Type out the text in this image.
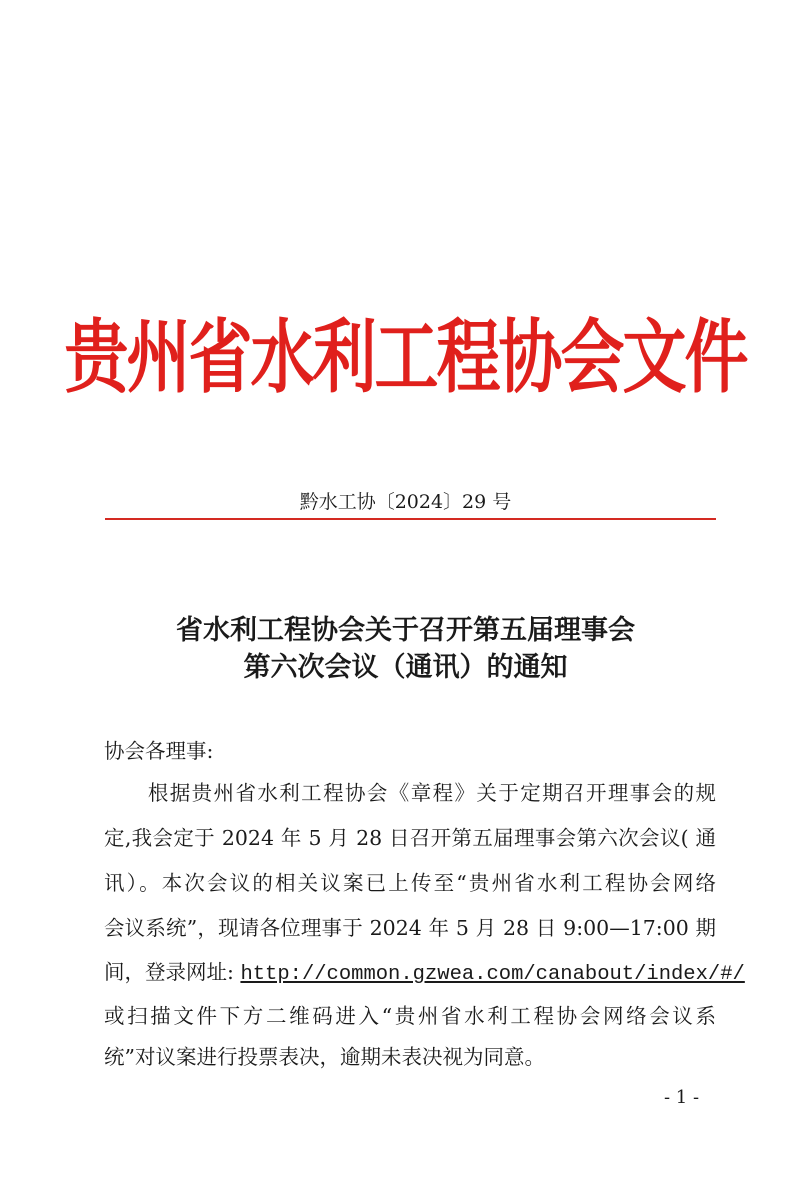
贵州省水利工程协会文件
黔水工协〔2024〕29 号
省水利工程协会关于召开第五届理事会
第六次会议（通讯）的通知
协会各理事:
　　根据贵州省水利工程协会《章程》关于定期召开理事会的规
定,我会定于 2024 年 5 月 28 日召开第五届理事会第六次会议( 通
讯）。本次会议的相关议案已上传至“贵州省水利工程协会网络
会议系统”，现请各位理事于 2024 年 5 月 28 日 9:00—17:00 期
间，登录网址: http://common.gzwea.com/canabout/index/#/
或扫描文件下方二维码进入“贵州省水利工程协会网络会议系
统”对议案进行投票表决，逾期未表决视为同意。
- 1 -
